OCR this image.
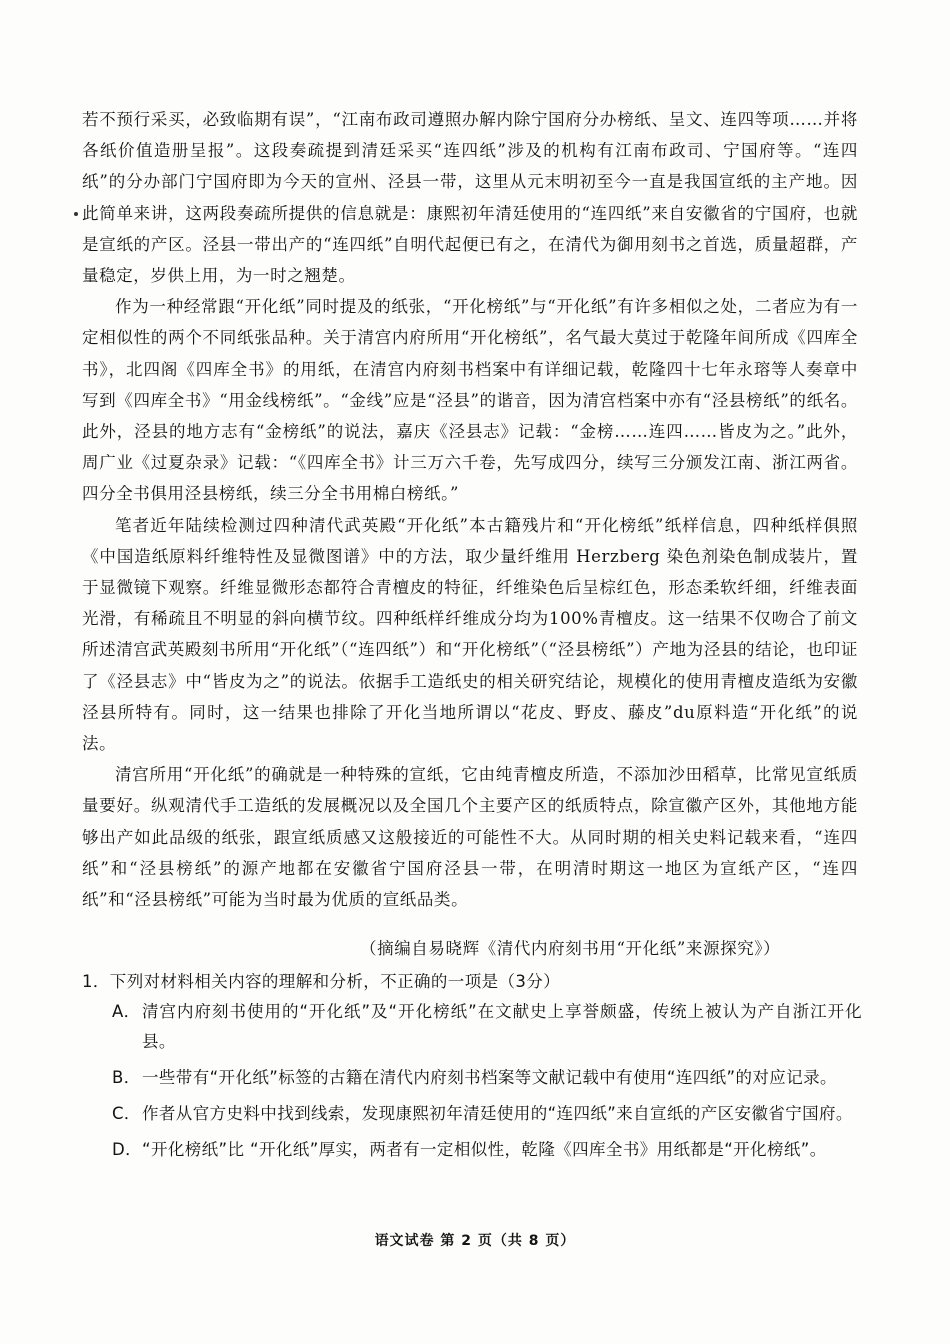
若不预行采买，必致临期有误”，“江南布政司遵照办解内除宁国府分办榜纸、呈文、连四等项……并将各纸价值造册呈报”。这段奏疏提到清廷采买“连四纸”涉及的机构有江南布政司、宁国府等。“连四纸”的分办部门宁国府即为今天的宣州、泾县一带，这里从元末明初至今一直是我国宣纸的主产地。因此简单来讲，这两段奏疏所提供的信息就是：康熙初年清廷使用的“连四纸”来自安徽省的宁国府，也就是宣纸的产区。泾县一带出产的“连四纸”自明代起便已有之，在清代为御用刻书之首选，质量超群，产量稳定，岁供上用，为一时之翘楚。

作为一种经常跟“开化纸”同时提及的纸张，“开化榜纸”与“开化纸”有许多相似之处，二者应为有一定相似性的两个不同纸张品种。关于清宫内府所用“开化榜纸”，名气最大莫过于乾隆年间所成《四库全书》，北四阁《四库全书》的用纸，在清宫内府刻书档案中有详细记载，乾隆四十七年永瑢等人奏章中写到《四库全书》“用金线榜纸”。“金线”应是“泾县”的谐音，因为清宫档案中亦有“泾县榜纸”的纸名。此外，泾县的地方志有“金榜纸”的说法，嘉庆《泾县志》记载：“金榜……连四……皆皮为之。”此外，周广业《过夏杂录》记载：“《四库全书》计三万六千卷，先写成四分，续写三分颁发江南、浙江两省。四分全书俱用泾县榜纸，续三分全书用棉白榜纸。”

笔者近年陆续检测过四种清代武英殿“开化纸”本古籍残片和“开化榜纸”纸样信息，四种纸样俱照《中国造纸原料纤维特性及显微图谱》中的方法，取少量纤维用 Herzberg 染色剂染色制成装片，置于显微镜下观察。纤维显微形态都符合青檀皮的特征，纤维染色后呈棕红色，形态柔软纤细，纤维表面光滑，有稀疏且不明显的斜向横节纹。四种纸样纤维成分均为100%青檀皮。这一结果不仅吻合了前文所述清宫武英殿刻书所用“开化纸”（“连四纸”）和“开化榜纸”（“泾县榜纸”）产地为泾县的结论，也印证了《泾县志》中“皆皮为之”的说法。依据手工造纸史的相关研究结论，规模化的使用青檀皮造纸为安徽泾县所特有。同时，这一结果也排除了开化当地所谓以“花皮、野皮、藤皮”du原料造“开化纸”的说法。

清宫所用“开化纸”的确就是一种特殊的宣纸，它由纯青檀皮所造，不添加沙田稻草，比常见宣纸质量要好。纵观清代手工造纸的发展概况以及全国几个主要产区的纸质特点，除宣徽产区外，其他地方能够出产如此品级的纸张，跟宣纸质感又这般接近的可能性不大。从同时期的相关史料记载来看，“连四纸”和“泾县榜纸”的源产地都在安徽省宁国府泾县一带，在明清时期这一地区为宣纸产区，“连四纸”和“泾县榜纸”可能为当时最为优质的宣纸品类。

（摘编自易晓辉《清代内府刻书用“开化纸”来源探究》）

1．下列对材料相关内容的理解和分析，不正确的一项是（3分）

A． 清宫内府刻书使用的“开化纸”及“开化榜纸”在文献史上享誉颇盛，传统上被认为产自浙江开化县。
B． 一些带有“开化纸”标签的古籍在清代内府刻书档案等文献记载中有使用“连四纸”的对应记录。
C． 作者从官方史料中找到线索，发现康熙初年清廷使用的“连四纸”来自宣纸的产区安徽省宁国府。
D． “开化榜纸”比 “开化纸”厚实，两者有一定相似性，乾隆《四库全书》用纸都是“开化榜纸”。
语文试卷 第 2 页（共 8 页）
